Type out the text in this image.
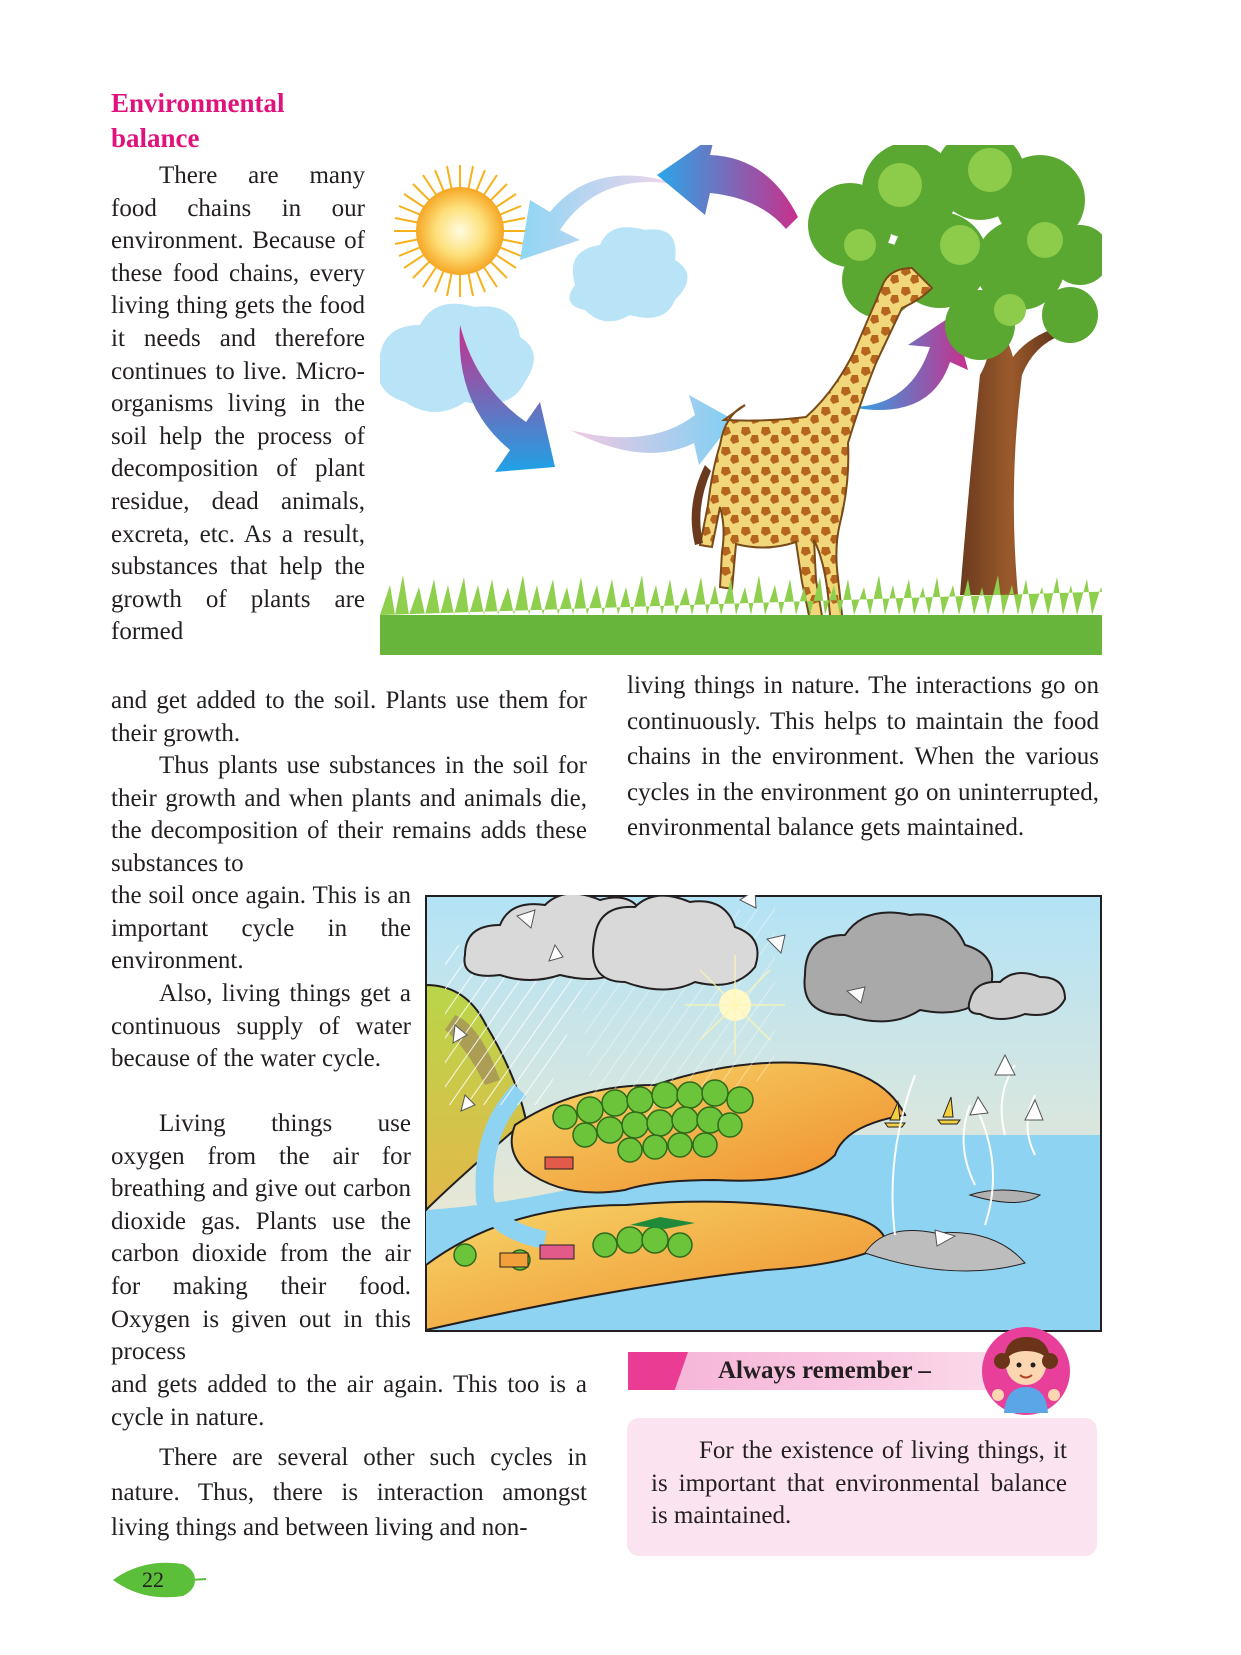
Environmental
balance

There are many food chains in our environment. Because of these food chains, every living thing gets the food it needs and therefore continues to live. Micro-organisms living in the soil help the process of decomposition of plant residue, dead animals, excreta, etc. As a result, substances that help the growth of plants are formed

and get added to the soil. Plants use them for their growth.

Thus plants use substances in the soil for their growth and when plants and animals die, the decomposition of their remains adds these substances to

the soil once again. This is an important cycle in the environment.

Also, living things get a continuous supply of water because of the water cycle.

Living things use oxygen from the air for breathing and give out carbon dioxide gas. Plants use the carbon dioxide from the air for making their food. Oxygen is given out in this process

and gets added to the air again. This too is a cycle in nature.

There are several other such cycles in nature. Thus, there is interaction amongst living things and between living and non-

living things in nature. The interactions go on continuously. This helps to maintain the food chains in the environment. When the various cycles in the environment go on uninterrupted, environmental balance gets maintained.

Always remember –

For the existence of living things, it is important that environmental balance is maintained.

22
